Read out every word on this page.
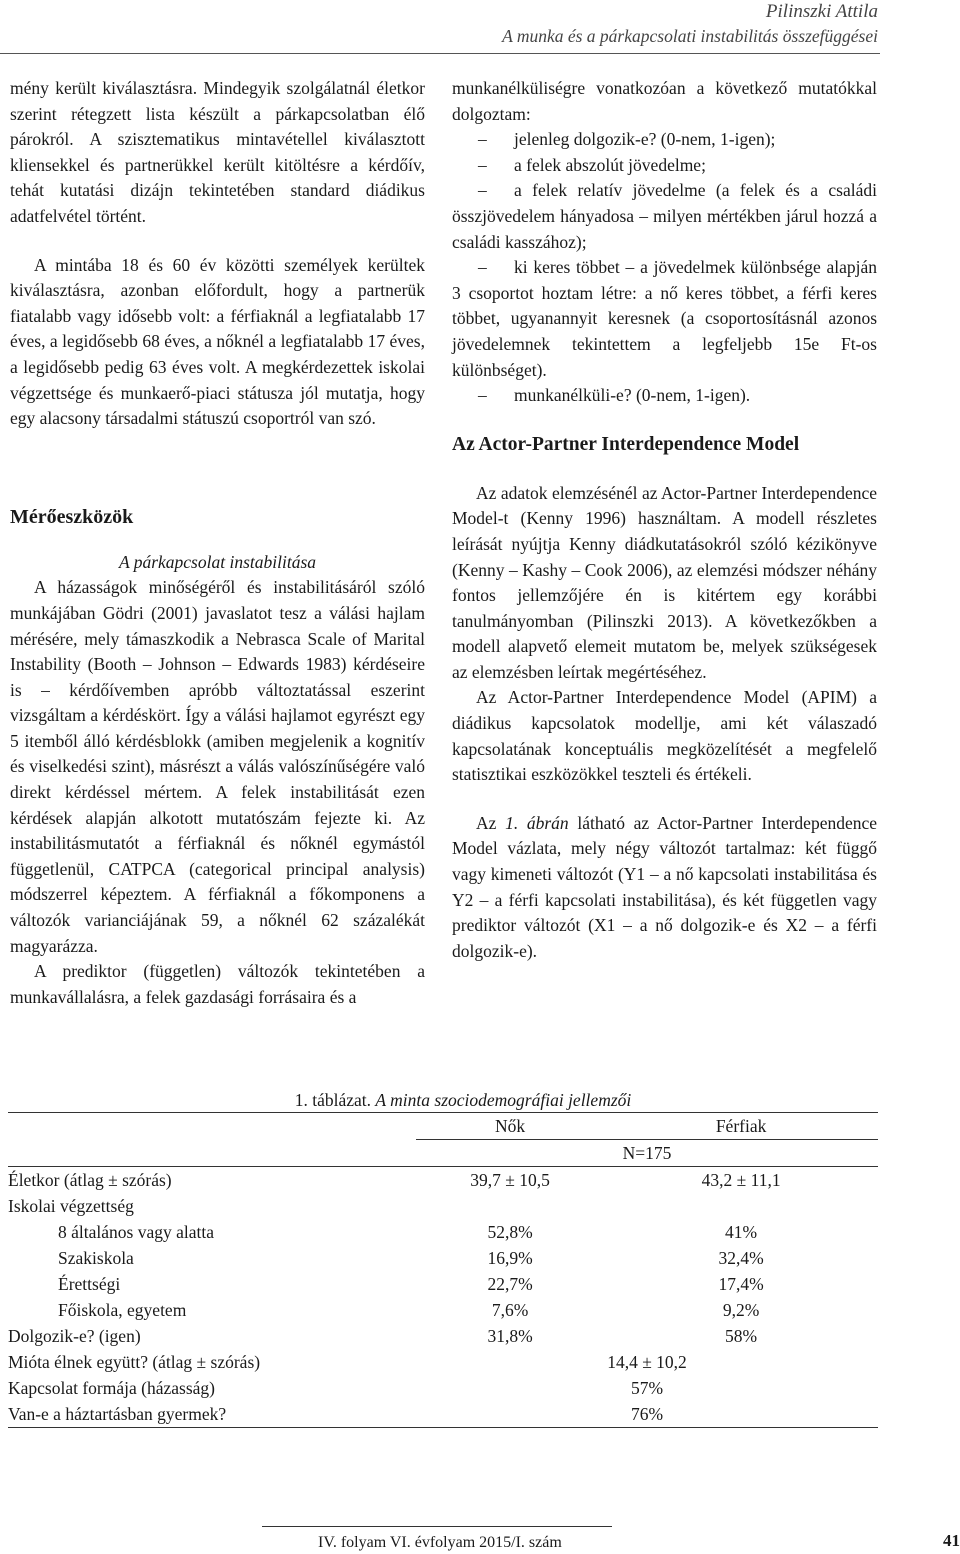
Pilinszki Attila
A munka és a párkapcsolati instabilitás összefüggései

mény került kiválasztásra. Mindegyik szolgálatnál életkor szerint rétegzett lista készült a párkapcsolatban élő párokról. A szisztematikus mintavétellel kiválasztott kliensekkel és partnerükkel került kitöltésre a kérdőív, tehát kutatási dizájn tekintetében standard diádikus adatfelvétel történt.

A mintába 18 és 60 év közötti személyek kerültek kiválasztásra, azonban előfordult, hogy a partnerük fiatalabb vagy idősebb volt: a férfiaknál a legfiatalabb 17 éves, a legidősebb 68 éves, a nőknél a legfiatalabb 17 éves, a legidősebb pedig 63 éves volt. A megkérdezettek iskolai végzettsége és munkaerő-piaci státusza jól mutatja, hogy egy alacsony társadalmi státuszú csoportról van szó.

Mérőeszközök
A párkapcsolat instabilitása

A házasságok minőségéről és instabilitásáról szóló munkájában Gödri (2001) javaslatot tesz a válási hajlam mérésére, mely támaszkodik a Nebrasca Scale of Marital Instability (Booth – Johnson – Edwards 1983) kérdéseire is – kérdőívemben apróbb változtatással eszerint vizsgáltam a kérdéskört. Így a válási hajlamot egyrészt egy 5 itemből álló kérdésblokk (amiben megjelenik a kognitív és viselkedési szint), másrészt a válás valószínűségére való direkt kérdéssel mértem. A felek instabilitását ezen kérdések alapján alkotott mutatószám fejezte ki. Az instabilitásmutatót a férfiaknál és nőknél egymástól függetlenül, CATPCA (categorical principal analysis) módszerrel képeztem. A férfiaknál a főkomponens a változók varianciájának 59, a nőknél 62 százalékát magyarázza.

A prediktor (független) változók tekintetében a munkavállalásra, a felek gazdasági forrásaira és a

munkanélküliségre vonatkozóan a következő mutatókkal dolgoztam:

– jelenleg dolgozik-e? (0-nem, 1-igen);
– a felek abszolút jövedelme;
– a felek relatív jövedelme (a felek és a családi összjövedelem hányadosa – milyen mértékben járul hozzá a családi kasszához);
– ki keres többet – a jövedelmek különbsége alapján 3 csoportot hoztam létre: a nő keres többet, a férfi keres többet, ugyanannyit keresnek (a csoportosításnál azonos jövedelemnek tekintettem a legfeljebb 15e Ft-os különbséget).
– munkanélküli-e? (0-nem, 1-igen).
Az Actor-Partner Interdependence Model

Az adatok elemzésénél az Actor-Partner Interdependence Model-t (Kenny 1996) használtam. A modell részletes leírását nyújtja Kenny diádkutatásokról szóló kézikönyve (Kenny – Kashy – Cook 2006), az elemzési módszer néhány fontos jellemzőjére én is kitértem egy korábbi tanulmányomban (Pilinszki 2013). A következőkben a modell alapvető elemeit mutatom be, melyek szükségesek az elemzésben leírtak megértéséhez.

Az Actor-Partner Interdependence Model (APIM) a diádikus kapcsolatok modellje, ami két válaszadó kapcsolatának konceptuális megközelítését a megfelelő statisztikai eszközökkel teszteli és értékeli.

Az 1. ábrán látható az Actor-Partner Interdependence Model vázlata, mely négy változót tartalmaz: két függő vagy kimeneti változót (Y1 – a nő kapcsolati instabilitása és Y2 – a férfi kapcsolati instabilitása), és két független vagy prediktor változót (X1 – a nő dolgozik-e és X2 – a férfi dolgozik-e).

1. táblázat. A minta szociodemográfiai jellemzői
	Nők	Férfiak
	N=175	
Életkor (átlag ± szórás)	39,7 ± 10,5	43,2 ± 11,1
Iskolai végzettség		
8 általános vagy alatta	52,8%	41%
Szakiskola	16,9%	32,4%
Érettségi	22,7%	17,4%
Főiskola, egyetem	7,6%	9,2%
Dolgozik-e? (igen)	31,8%	58%
Mióta élnek együtt? (átlag ± szórás)	14,4 ± 10,2	
Kapcsolat formája (házasság)	57%	
Van-e a háztartásban gyermek?	76%	
IV. folyam VI. évfolyam 2015/I. szám	41
